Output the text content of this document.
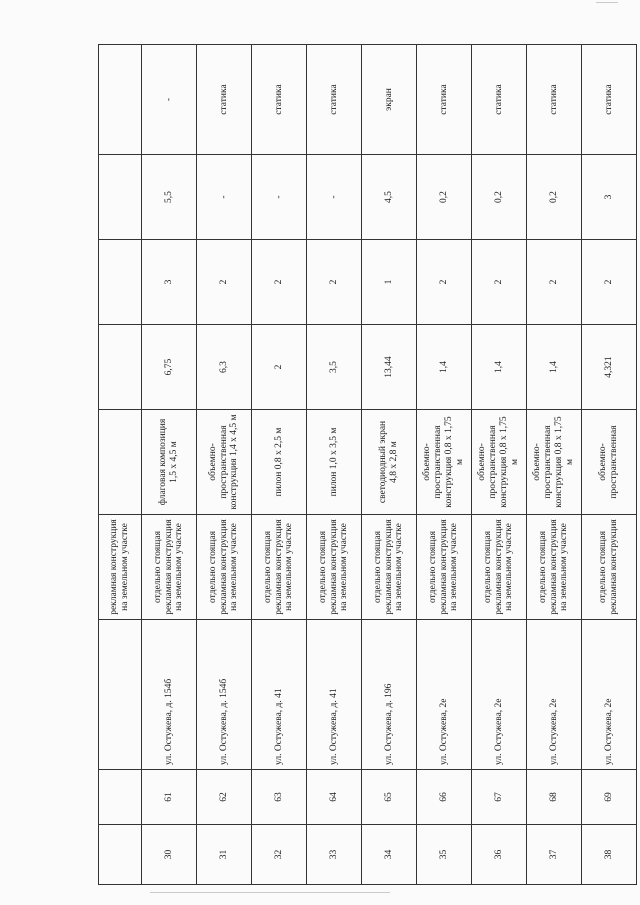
			рекламная конструкция на земельном участке					
30	61	ул. Остужева, д. 154б	отдельно стоящая рекламная конструкция на земельном участке	флаговая композиция 1,5 х 4,5 м	6,75	3	5,5	-
31	62	ул. Остужева, д. 154б	отдельно стоящая рекламная конструкция на земельном участке	объемно-пространственная конструкция 1,4 х 4,5 м	6,3	2	-	статика
32	63	ул. Остужева, д. 41	отдельно стоящая рекламная конструкция на земельном участке	пилон 0,8 х 2,5 м	2	2	-	статика
33	64	ул. Остужева, д. 41	отдельно стоящая рекламная конструкция на земельном участке	пилон 1,0 х 3,5 м	3,5	2	-	статика
34	65	ул. Остужева, д. 196	отдельно стоящая рекламная конструкция на земельном участке	светодиодный экран 4,8 х 2,8 м	13,44	1	4,5	экран
35	66	ул. Остужева, 2е	отдельно стоящая рекламная конструкция на земельном участке	объемно-пространственная конструкция 0,8 х 1,75 м	1,4	2	0,2	статика
36	67	ул. Остужева, 2е	отдельно стоящая рекламная конструкция на земельном участке	объемно-пространственная конструкция 0,8 х 1,75 м	1,4	2	0,2	статика
37	68	ул. Остужева, 2е	отдельно стоящая рекламная конструкция на земельном участке	объемно-пространственная конструкция 0,8 х 1,75 м	1,4	2	0,2	статика
38	69	ул. Остужева, 2е	отдельно стоящая рекламная конструкция	объемно-пространственная	4,321	2	3	статика
